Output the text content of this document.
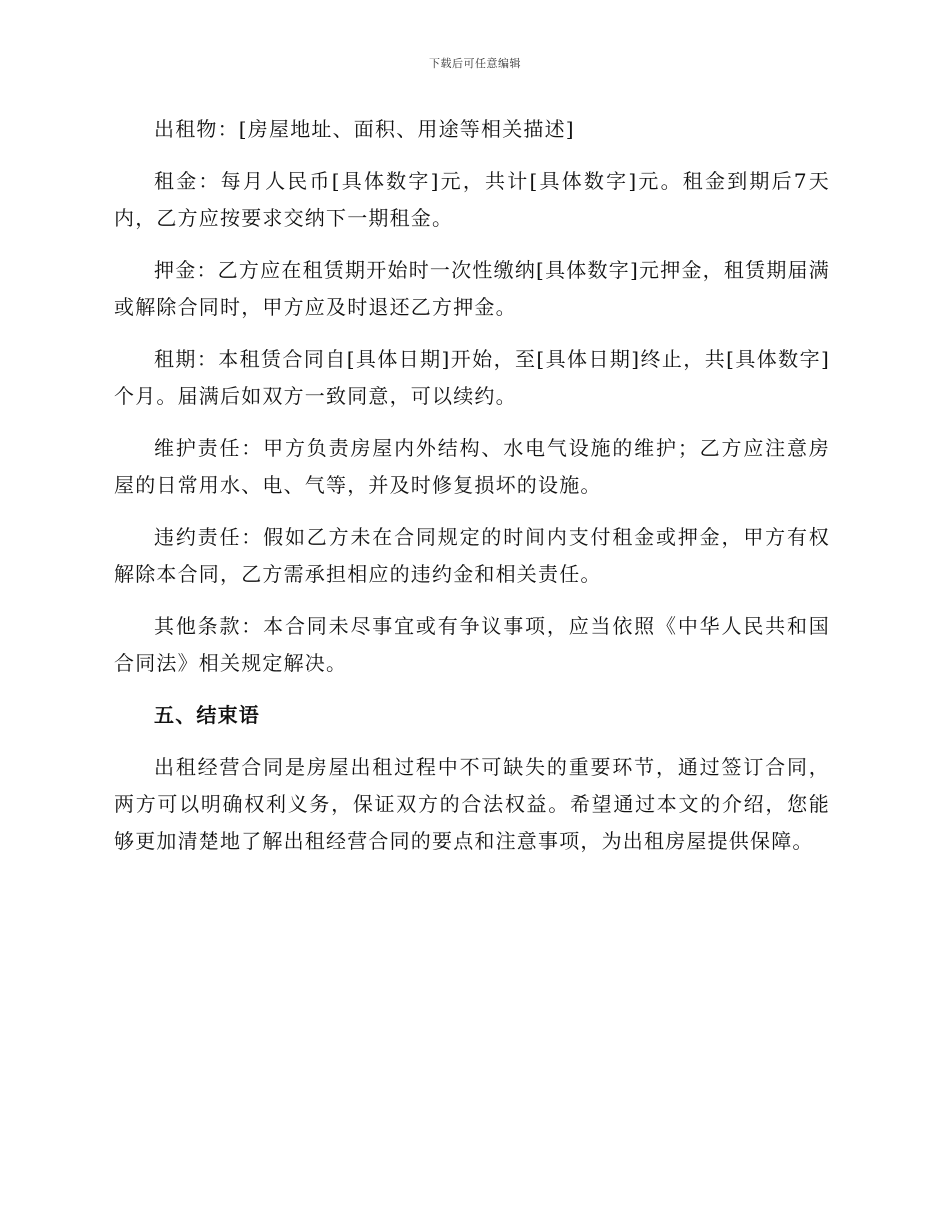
下载后可任意编辑

出租物：[房屋地址、面积、用途等相关描述]

租金：每月人民币[具体数字]元，共计[具体数字]元。租金到期后7天内，乙方应按要求交纳下一期租金。

押金：乙方应在租赁期开始时一次性缴纳[具体数字]元押金，租赁期届满或解除合同时，甲方应及时退还乙方押金。

租期：本租赁合同自[具体日期]开始，至[具体日期]终止，共[具体数字]个月。届满后如双方一致同意，可以续约。

维护责任：甲方负责房屋内外结构、水电气设施的维护；乙方应注意房屋的日常用水、电、气等，并及时修复损坏的设施。

违约责任：假如乙方未在合同规定的时间内支付租金或押金，甲方有权解除本合同，乙方需承担相应的违约金和相关责任。

其他条款：本合同未尽事宜或有争议事项，应当依照《中华人民共和国合同法》相关规定解决。

五、结束语

出租经营合同是房屋出租过程中不可缺失的重要环节，通过签订合同，两方可以明确权利义务，保证双方的合法权益。希望通过本文的介绍，您能够更加清楚地了解出租经营合同的要点和注意事项，为出租房屋提供保障。
